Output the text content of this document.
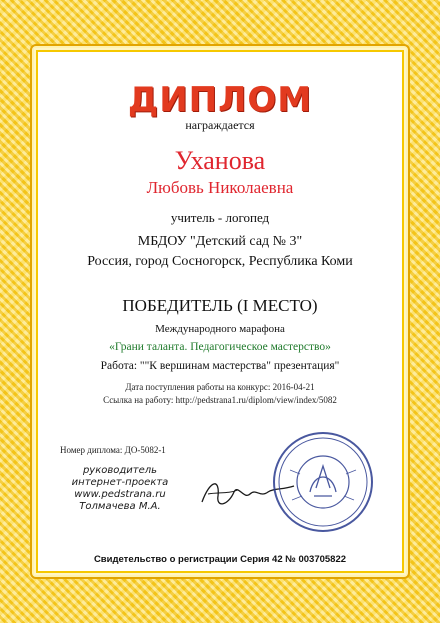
ДИПЛОМ
награждается
Уханова
Любовь Николаевна
учитель - логопед
МБДОУ "Детский сад № 3"
Россия, город Сосногорск, Республика Коми
ПОБЕДИТЕЛЬ (I МЕСТО)
Международного марафона
«Грани таланта. Педагогическое мастерство»
Работа: ""К вершинам мастерства" презентация"
Дата поступления работы на конкурс: 2016-04-21
Ссылка на работу: http://pedstrana1.ru/diplom/view/index/5082
Номер диплома: ДО-5082-1
руководитель
интернет-проекта
www.pedstrana.ru
Толмачева М.А.
Свидетельство о регистрации Серия 42 № 003705822
